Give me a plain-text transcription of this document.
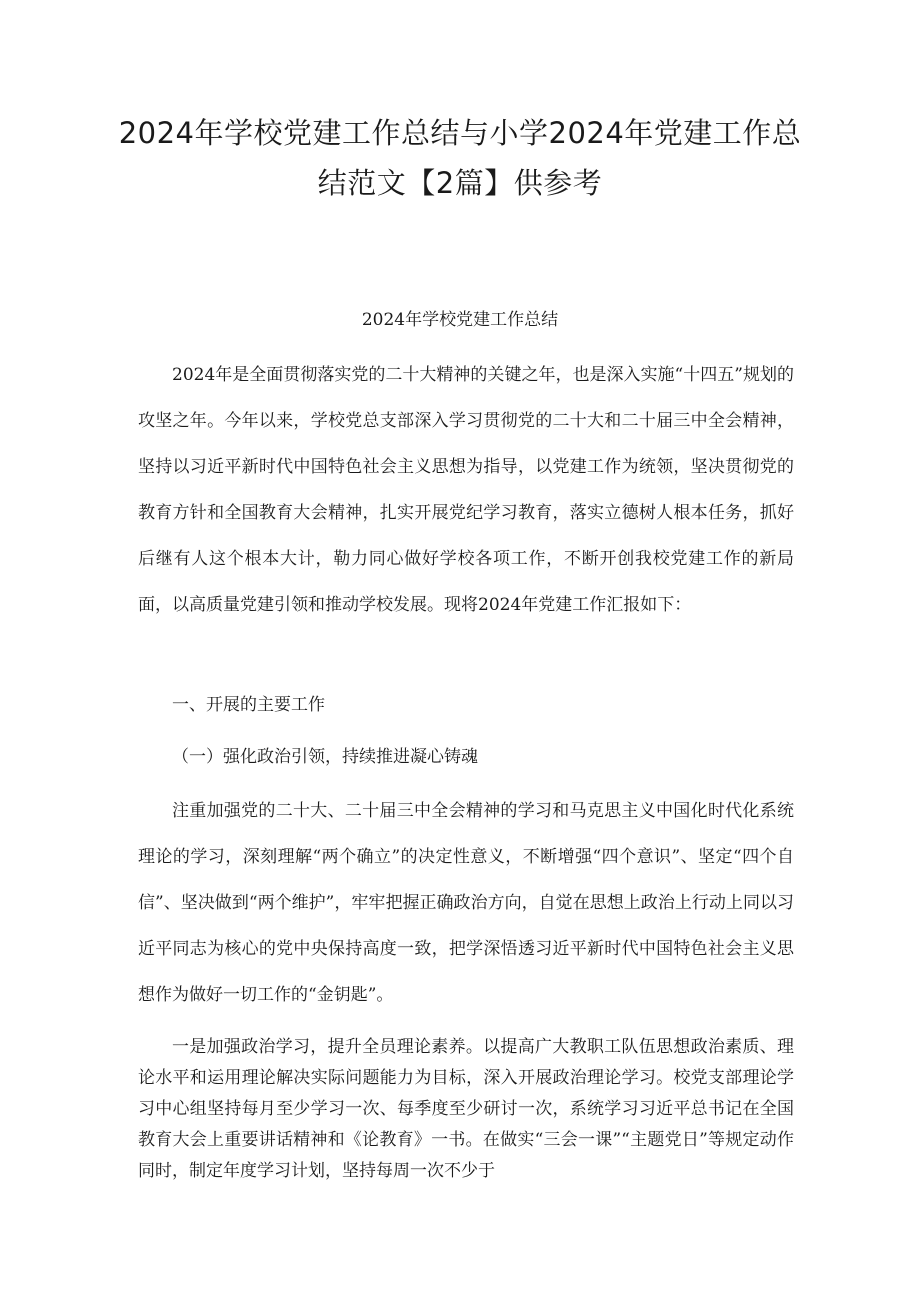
2024年学校党建工作总结与小学2024年党建工作总
结范文【2篇】供参考
2024年学校党建工作总结

2024年是全面贯彻落实党的二十大精神的关键之年，也是深入实施“十四五”规划的攻坚之年。今年以来，学校党总支部深入学习贯彻党的二十大和二十届三中全会精神，坚持以习近平新时代中国特色社会主义思想为指导，以党建工作为统领，坚决贯彻党的教育方针和全国教育大会精神，扎实开展党纪学习教育，落实立德树人根本任务，抓好后继有人这个根本大计，勒力同心做好学校各项工作，不断开创我校党建工作的新局面，以高质量党建引领和推动学校发展。现将2024年党建工作汇报如下：

一、开展的主要工作

（一）强化政治引领，持续推进凝心铸魂

注重加强党的二十大、二十届三中全会精神的学习和马克思主义中国化时代化系统理论的学习，深刻理解“两个确立”的决定性意义，不断增强“四个意识”、坚定“四个自信”、坚决做到“两个维护”，牢牢把握正确政治方向，自觉在思想上政治上行动上同以习近平同志为核心的党中央保持高度一致，把学深悟透习近平新时代中国特色社会主义思想作为做好一切工作的“金钥匙”。

一是加强政治学习，提升全员理论素养。以提高广大教职工队伍思想政治素质、理论水平和运用理论解决实际问题能力为目标，深入开展政治理论学习。校党支部理论学习中心组坚持每月至少学习一次、每季度至少研讨一次，系统学习习近平总书记在全国教育大会上重要讲话精神和《论教育》一书。在做实“三会一课”“主题党日”等规定动作同时，制定年度学习计划，坚持每周一次不少于
